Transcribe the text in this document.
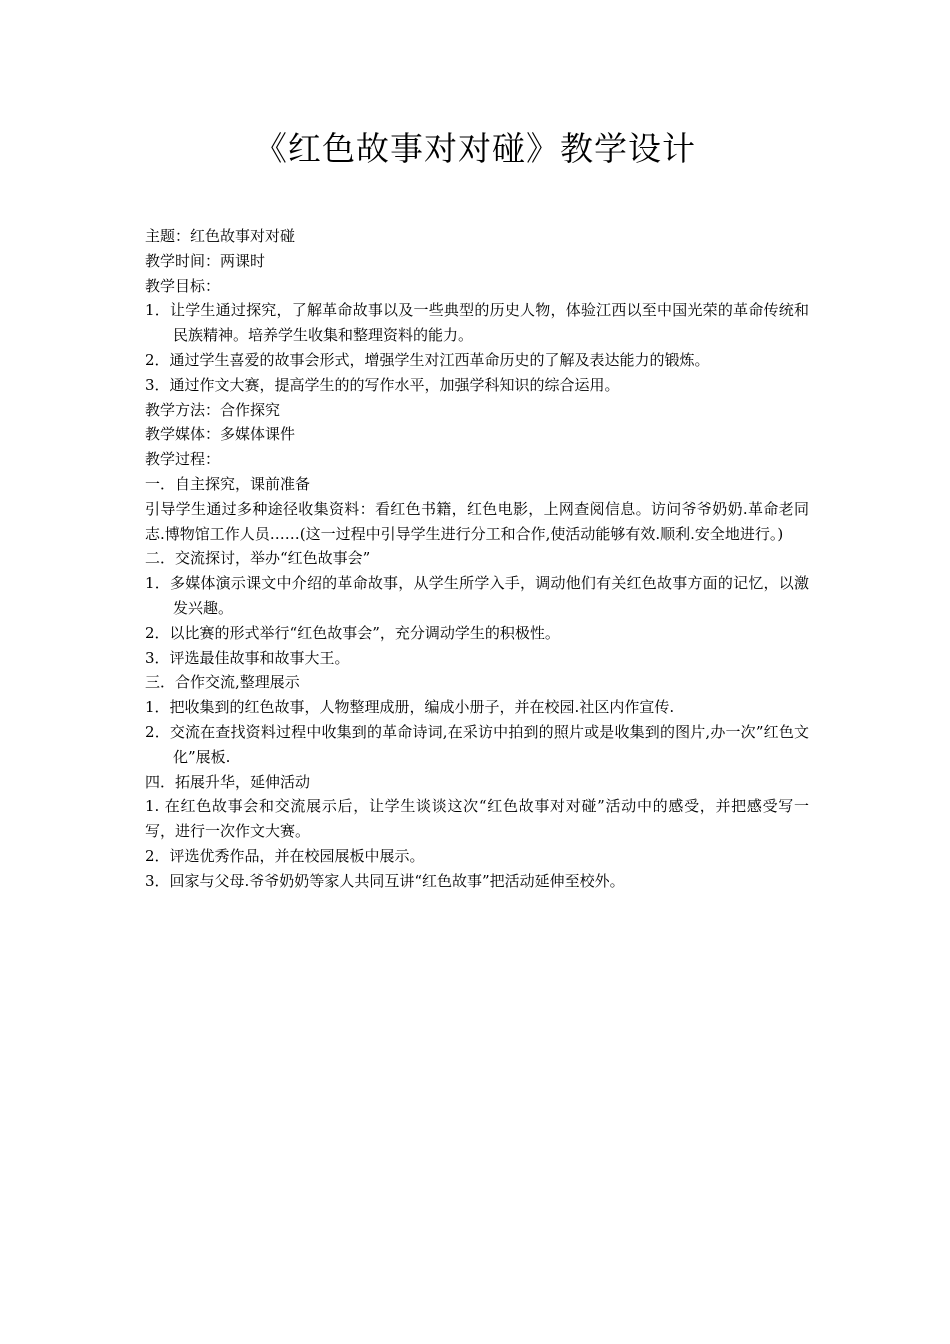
《红色故事对对碰》教学设计

主题：红色故事对对碰

教学时间：两课时

教学目标：

1．让学生通过探究，了解革命故事以及一些典型的历史人物，体验江西以至中国光荣的革命传统和民族精神。培养学生收集和整理资料的能力。

2．通过学生喜爱的故事会形式，增强学生对江西革命历史的了解及表达能力的锻炼。

3．通过作文大赛，提高学生的的写作水平，加强学科知识的综合运用。

教学方法：合作探究

教学媒体：多媒体课件

教学过程：

一．自主探究，课前准备

引导学生通过多种途径收集资料：看红色书籍，红色电影，上网查阅信息。访问爷爷奶奶.革命老同志.博物馆工作人员……(这一过程中引导学生进行分工和合作,使活动能够有效.顺利.安全地进行。)

二．交流探讨，举办“红色故事会”

1．多媒体演示课文中介绍的革命故事，从学生所学入手，调动他们有关红色故事方面的记忆，以激发兴趣。

2．以比赛的形式举行“红色故事会”，充分调动学生的积极性。

3．评选最佳故事和故事大王。

三．合作交流,整理展示

1．把收集到的红色故事，人物整理成册，编成小册子，并在校园.社区内作宣传.

2．交流在查找资料过程中收集到的革命诗词,在采访中拍到的照片或是收集到的图片,办一次”红色文化”展板.

四．拓展升华，延伸活动

1. 在红色故事会和交流展示后，让学生谈谈这次“红色故事对对碰”活动中的感受，并把感受写一写，进行一次作文大赛。

2．评选优秀作品，并在校园展板中展示。

3．回家与父母.爷爷奶奶等家人共同互讲“红色故事”把活动延伸至校外。
